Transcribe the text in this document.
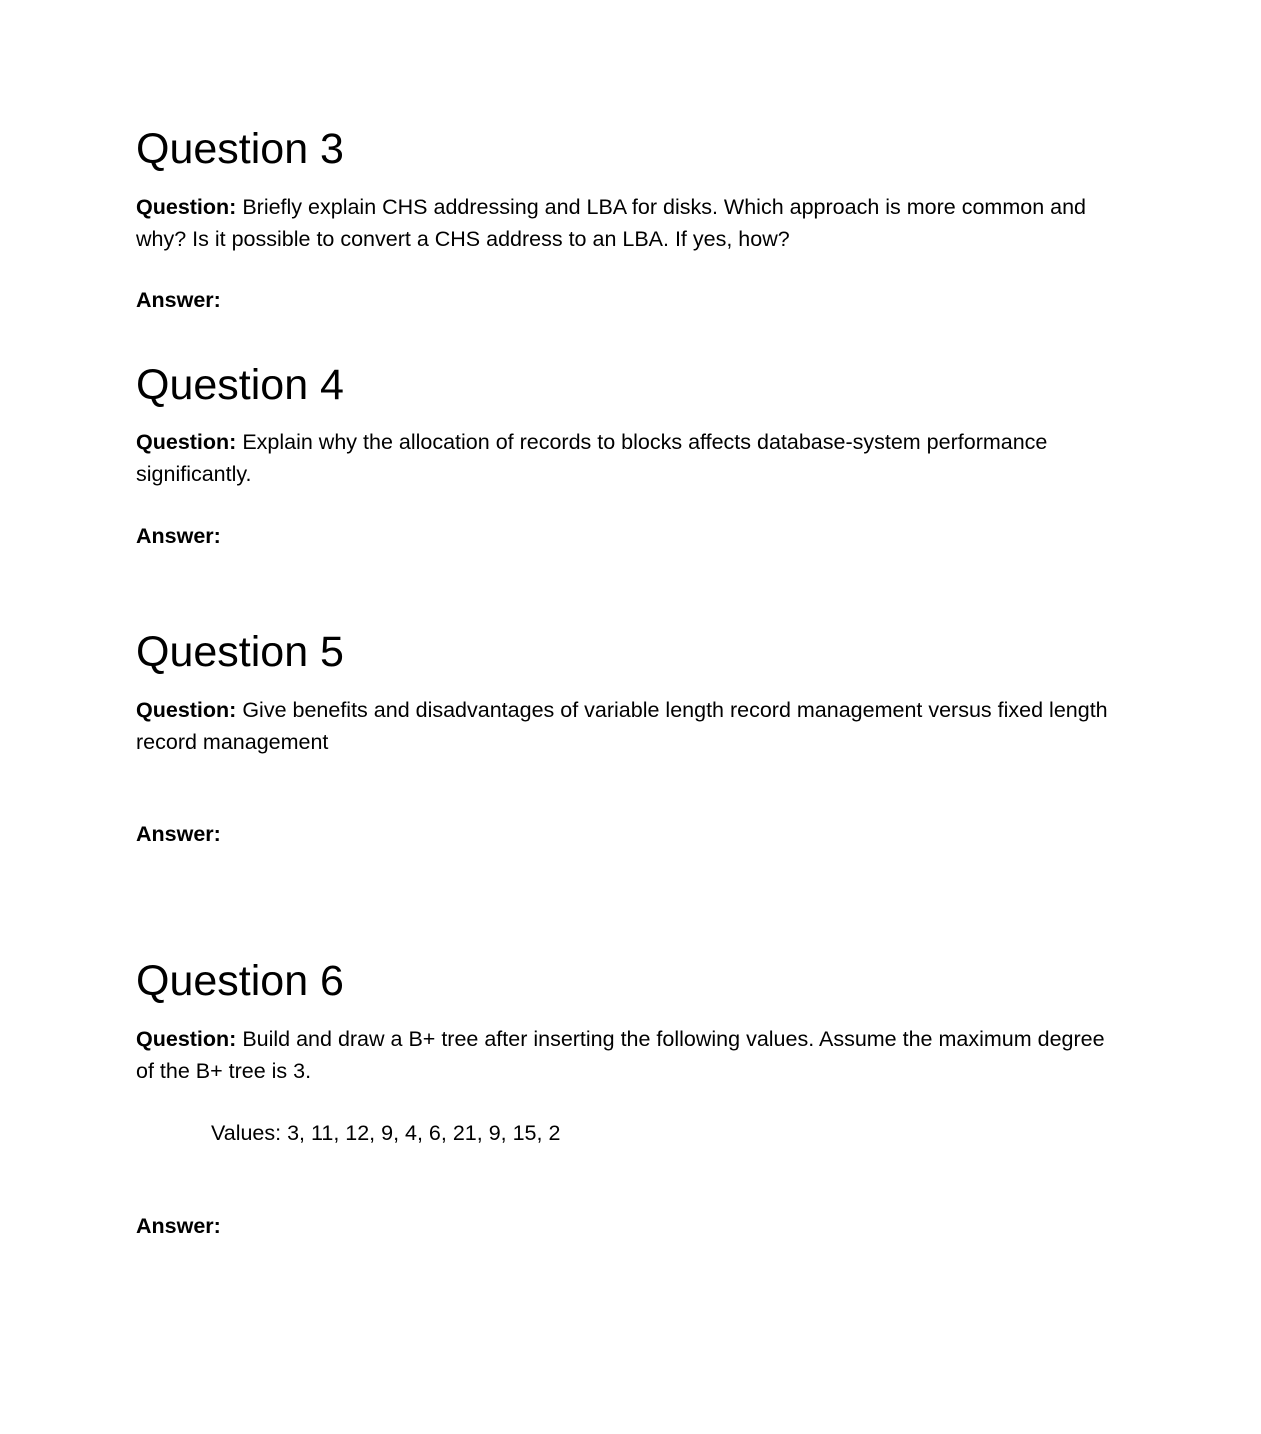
Question 3

Question: Briefly explain CHS addressing and LBA for disks. Which approach is more common and why? Is it possible to convert a CHS address to an LBA. If yes, how?

Answer:

Question 4

Question: Explain why the allocation of records to blocks affects database-system performance significantly.

Answer:

Question 5

Question: Give benefits and disadvantages of variable length record management versus fixed length record management

Answer:

Question 6

Question: Build and draw a B+ tree after inserting the following values. Assume the maximum degree of the B+ tree is 3.

Values: 3, 11, 12, 9, 4, 6, 21, 9, 15, 2

Answer:
